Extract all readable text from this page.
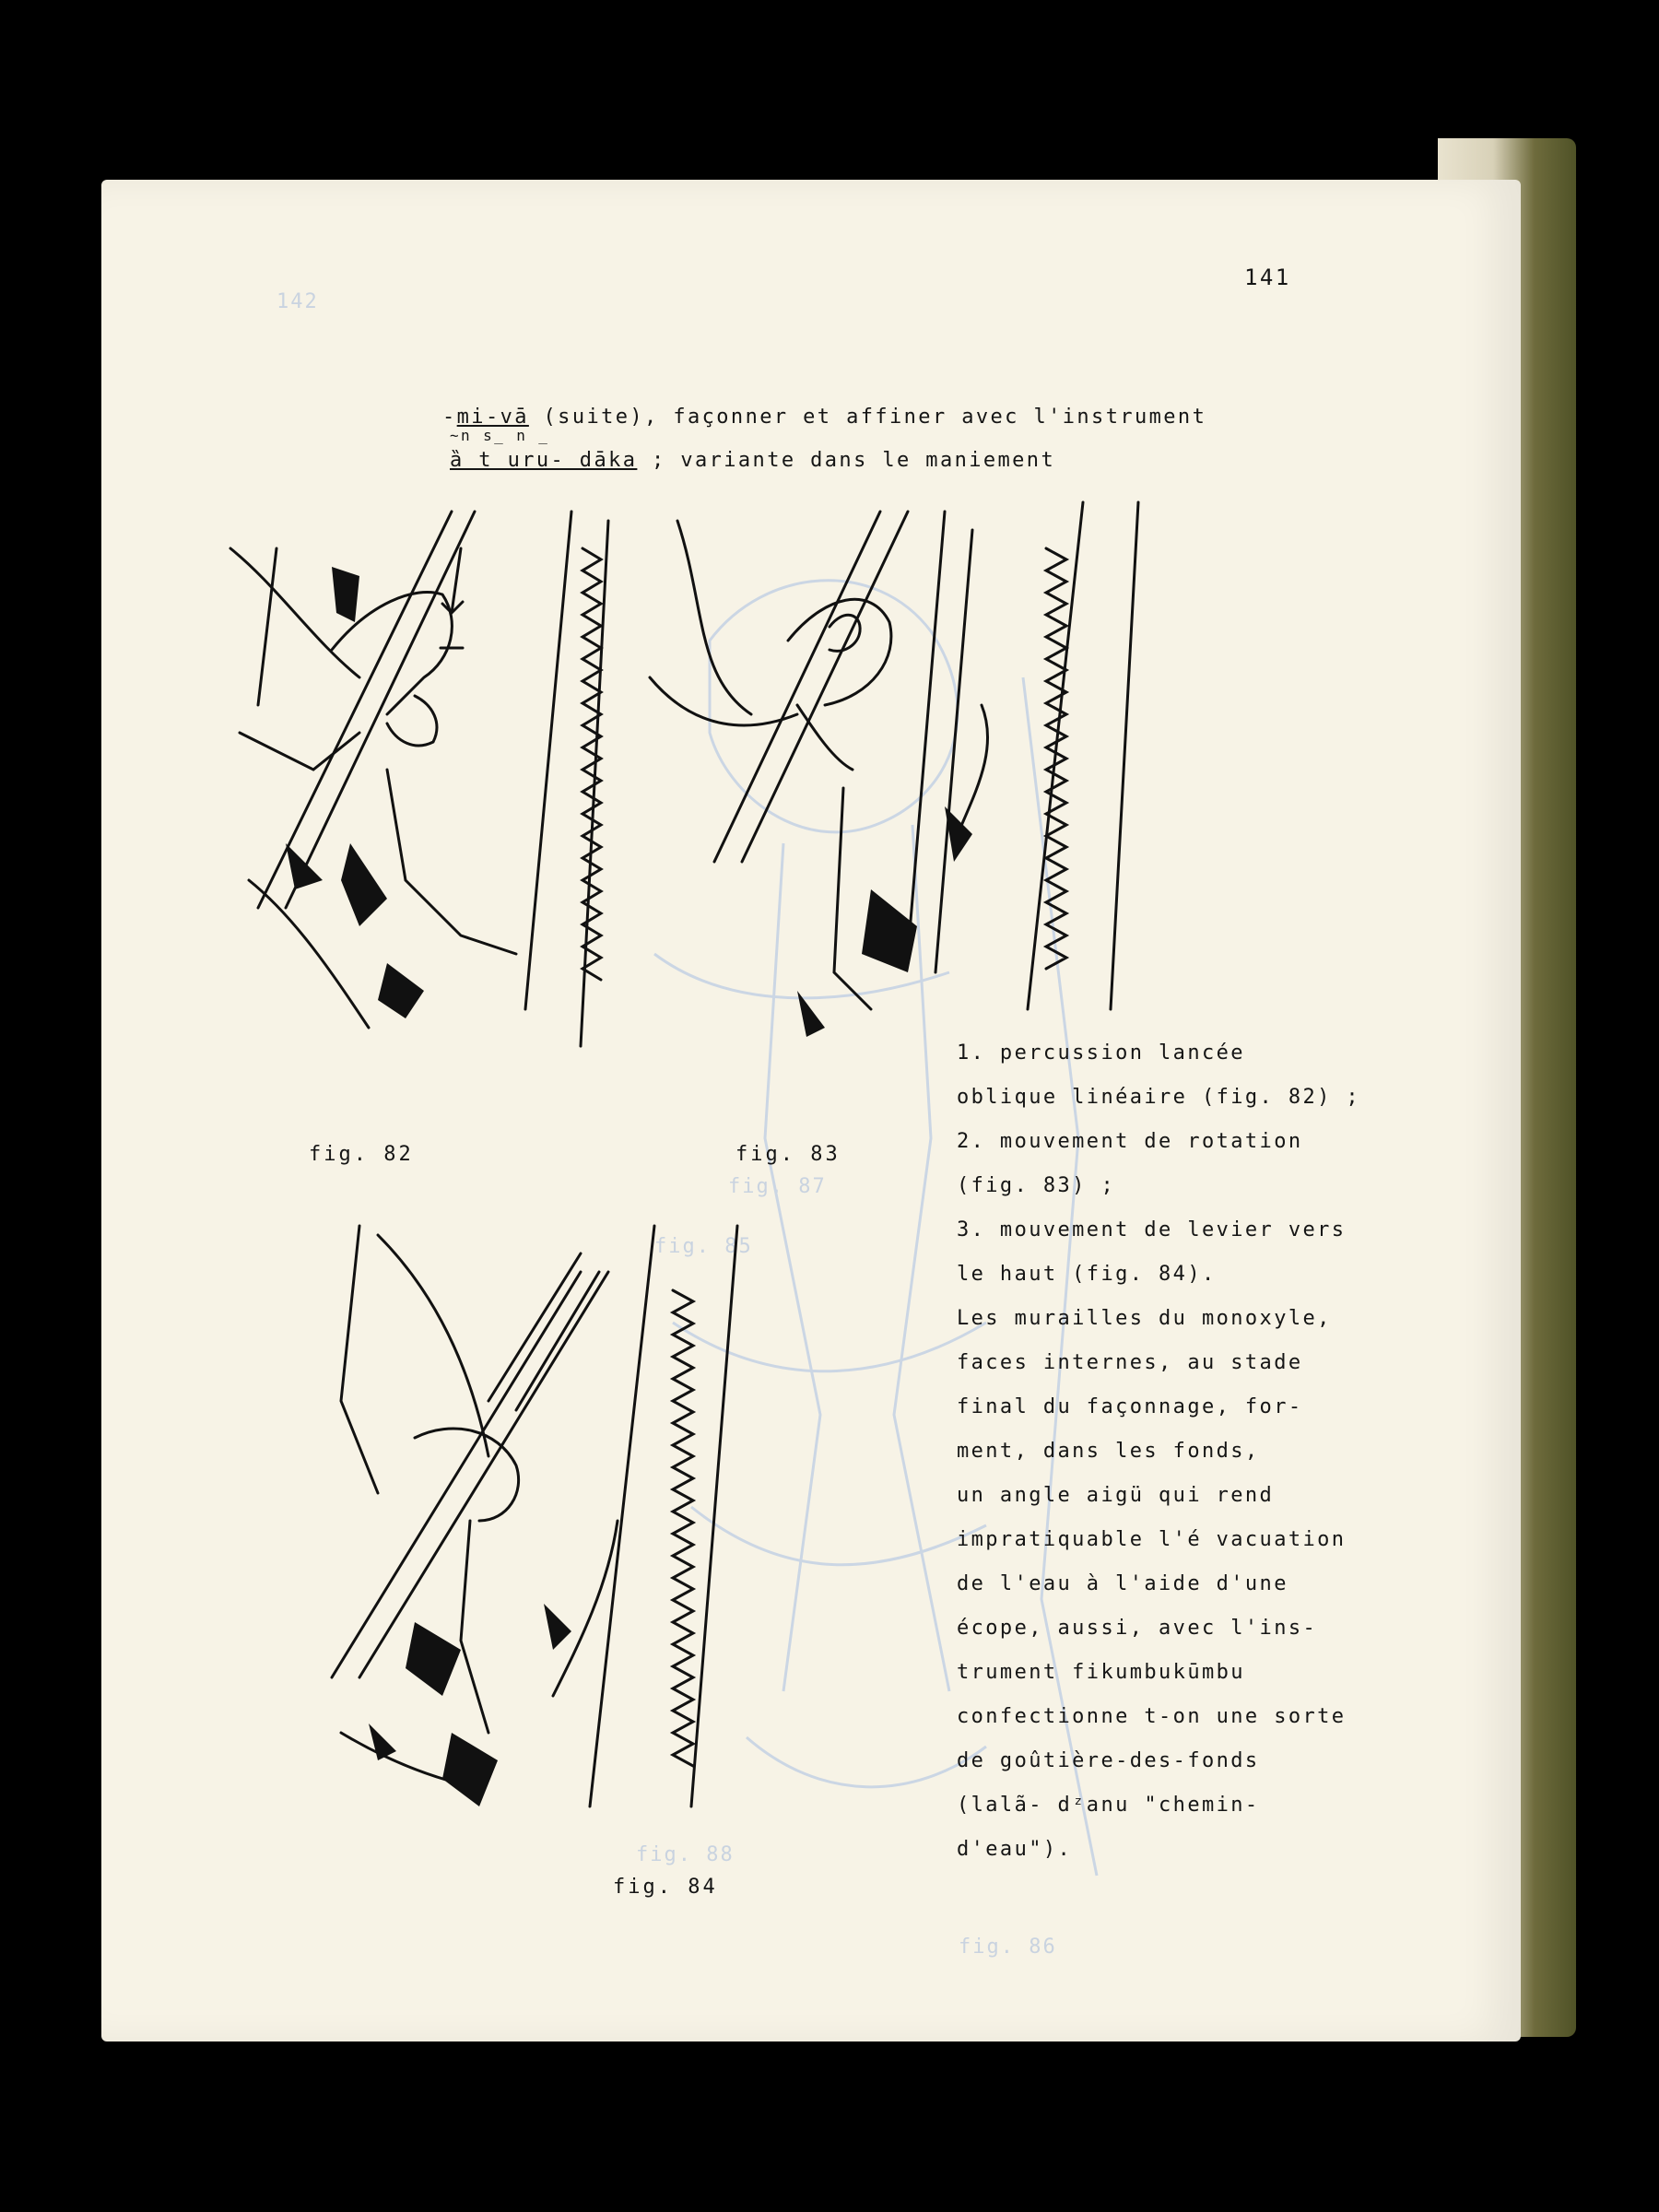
142
fig. 87
fig. 85
fig. 88
fig. 86
141
-mi-vā (suite), façonner et affiner avec l'instrument
~n s_ n _
ȁ t uru- dāka ; variante dans le maniement
fig. 82	fig. 83
fig. 84
1. percussion lancée
oblique linéaire (fig. 82) ;
2. mouvement de rotation
(fig. 83) ;
3. mouvement de levier vers
le haut (fig. 84).
Les murailles du monoxyle,
faces internes, au stade
final du façonnage, for-
ment, dans les fonds,
un angle aigü qui rend
impratiquable l'é vacuation
de l'eau à l'aide d'une
écope, aussi, avec l'ins-
trument fikumbukūmbu
confectionne t-on une sorte
de goûtière-des-fonds
(lalã- dᶻanu "chemin-
d'eau").
